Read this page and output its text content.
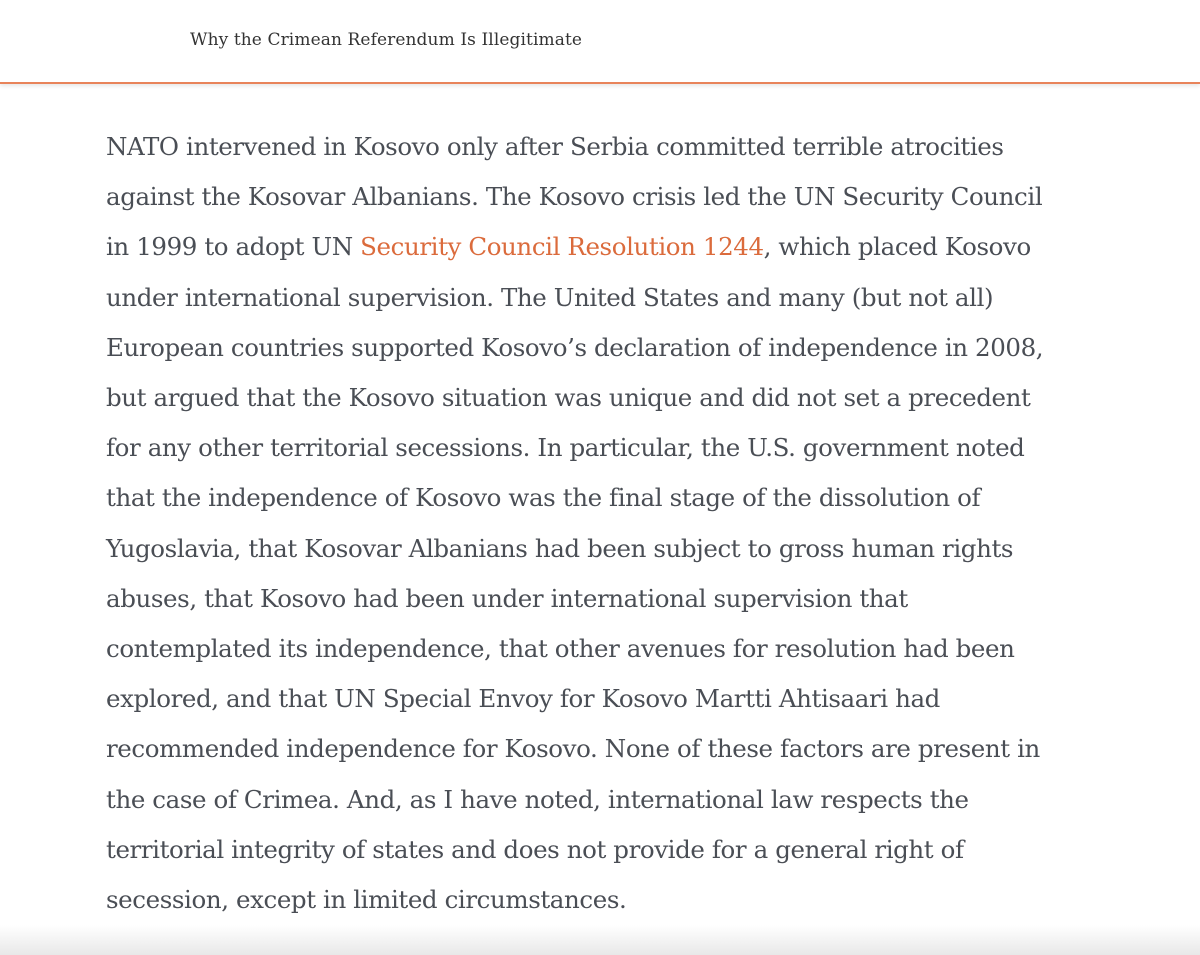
Why the Crimean Referendum Is Illegitimate
NATO intervened in Kosovo only after Serbia committed terrible atrocities
against the Kosovar Albanians. The Kosovo crisis led the UN Security Council
in 1999 to adopt UN Security Council Resolution 1244, which placed Kosovo
under international supervision. The United States and many (but not all)
European countries supported Kosovo’s declaration of independence in 2008,
but argued that the Kosovo situation was unique and did not set a precedent
for any other territorial secessions. In particular, the U.S. government noted
that the independence of Kosovo was the final stage of the dissolution of
Yugoslavia, that Kosovar Albanians had been subject to gross human rights
abuses, that Kosovo had been under international supervision that
contemplated its independence, that other avenues for resolution had been
explored, and that UN Special Envoy for Kosovo Martti Ahtisaari had
recommended independence for Kosovo. None of these factors are present in
the case of Crimea. And, as I have noted, international law respects the
territorial integrity of states and does not provide for a general right of
secession, except in limited circumstances.
